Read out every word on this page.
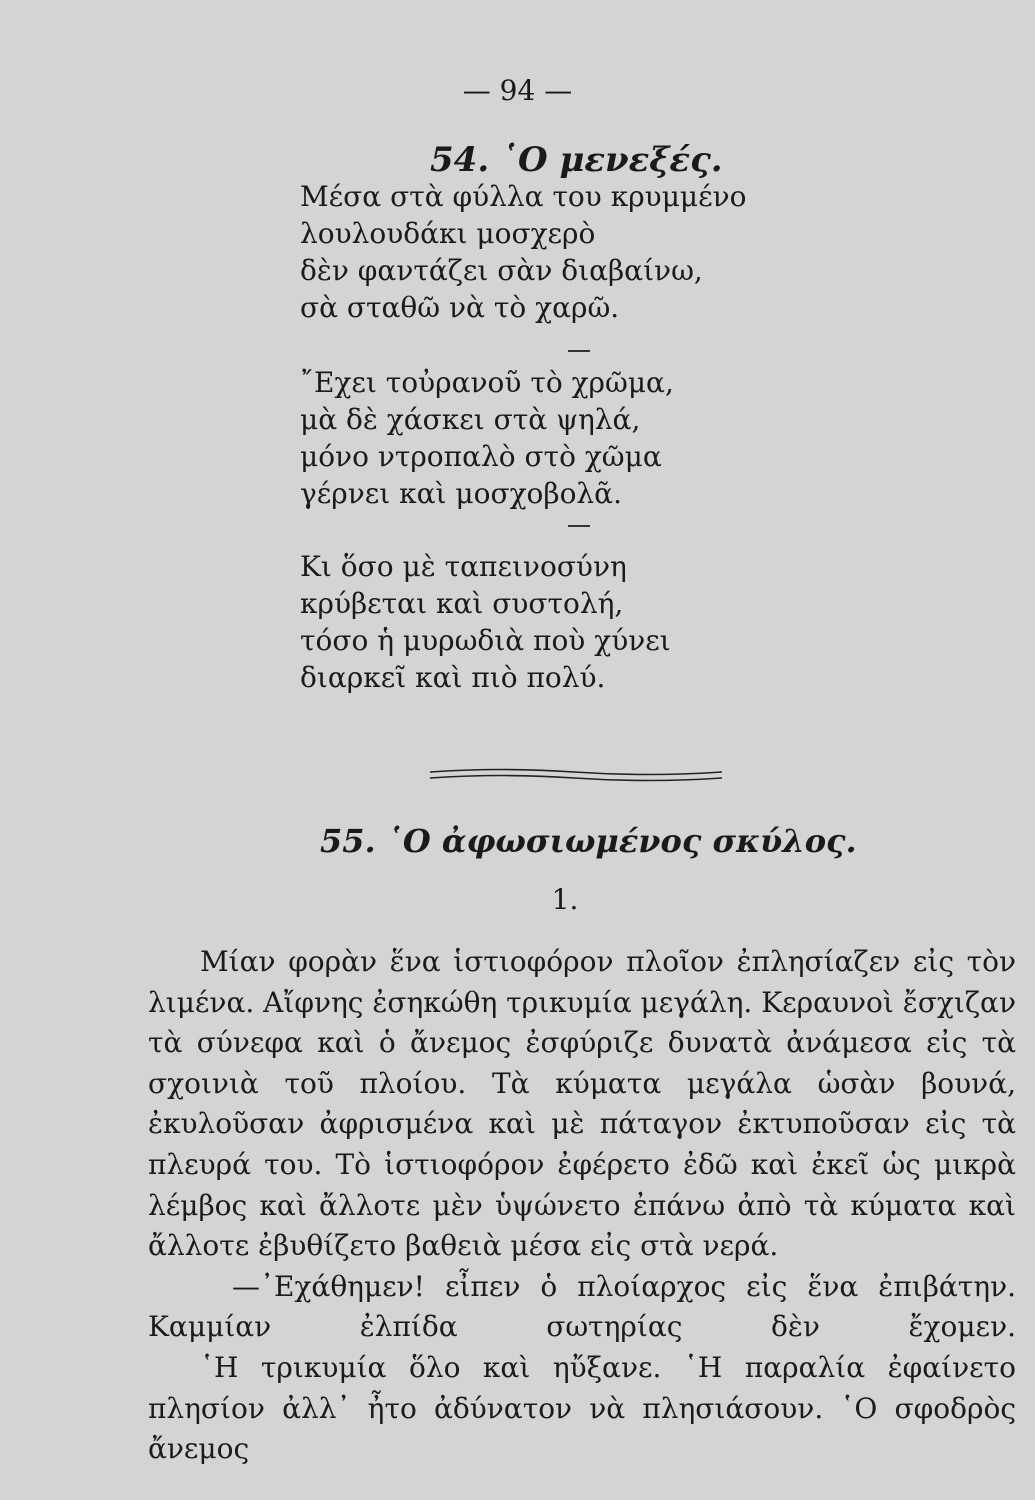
— 94 —
54. ῾Ο μενεξές.
Μέσα στὰ φύλλα του κρυμμένο
λουλουδάκι μοσχερὸ
δὲν φαντάζει σὰν διαβαίνω,
σὰ σταθῶ νὰ τὸ χαρῶ.
῎Εχει τοὐρανοῦ τὸ χρῶμα,
μὰ δὲ χάσκει στὰ ψηλά,
μόνο ντροπαλὸ στὸ χῶμα
γέρνει καὶ μοσχοβολᾶ.
Κι ὅσο μὲ ταπεινοσύνη
κρύβεται καὶ συστολή,
τόσο ἡ μυρωδιὰ ποὺ χύνει
διαρκεῖ καὶ πιὸ πολύ.
55. ῾Ο ἀφωσιωμένος σκύλος.
1.

Μίαν φορὰν ἕνα ἱστιοφόρον πλοῖον ἐπλησίαζεν εἰς τὸν λιμένα. Αἴφνης ἐσηκώθη τρικυμία μεγάλη. Κεραυνοὶ ἔσχιζαν τὰ σύνεφα καὶ ὁ ἄνεμος ἐσφύριζε δυνατὰ ἀνάμεσα εἰς τὰ σχοινιὰ τοῦ πλοίου. Τὰ κύματα μεγάλα ὡσὰν βουνά, ἐκυλοῦσαν ἀφρισμένα καὶ μὲ πάταγον ἐκτυποῦσαν εἰς τὰ πλευρά του. Τὸ ἱστιοφόρον ἐφέρετο ἐδῶ καὶ ἐκεῖ ὡς μικρὰ λέμβος καὶ ἄλλοτε μὲν ὑψώνετο ἐπάνω ἀπὸ τὰ κύματα καὶ ἄλλοτε ἐβυθίζετο βαθειὰ μέσα εἰς στὰ νερά.

—᾿Εχάθημεν! εἶπεν ὁ πλοίαρχος εἰς ἕνα ἐπιβάτην. Καμμίαν ἐλπίδα σωτηρίας δὲν ἔχομεν.

῾Η τρικυμία ὅλο καὶ ηὔξανε. ῾Η παραλία ἐφαίνετο πλησίον ἀλλ᾿ ἦτο ἀδύνατον νὰ πλησιάσουν. ῾Ο σφοδρὸς ἄνεμος
